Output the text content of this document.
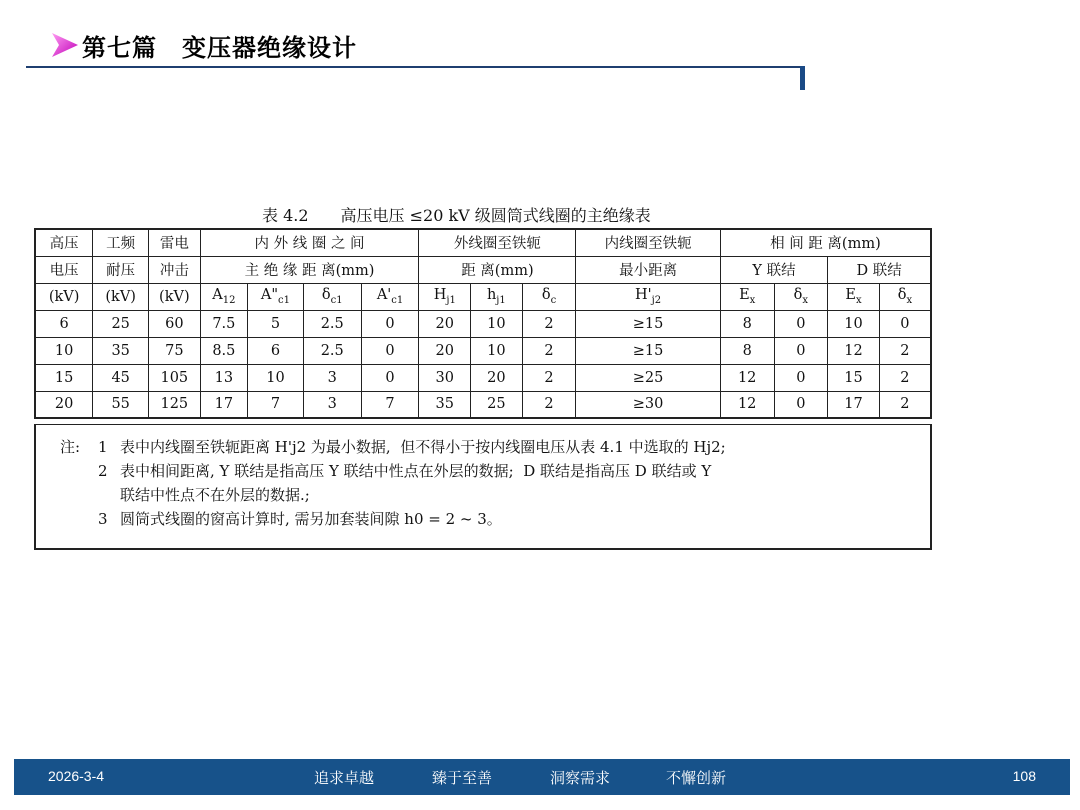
第七篇　变压器绝缘设计
表 4.2　　高压电压 ≤20 kV 级圆筒式线圈的主绝缘表
高压	工频	雷电	内 外 线 圈 之 间				外线圈至铁轭			内线圈至铁轭	相 间 距 离(mm)			
电压	耐压	冲击	主 绝 缘 距 离(mm)				距 离(mm)			最小距离	Y 联结		D 联结	
(kV)	(kV)	(kV)	$A_{12}$	$A"_{c1}$	$\delta_{c1}$	$A'_{c1}$	$H_{j1}$	$h_{j1}$	$\delta_c$	$H'_{j2}$	$E_x$	$\delta_x$	$E_x$	$\delta_x$
6	25	60	7.5	5	2.5	0	20	10	2	≥15	8	0	10	0
10	35	75	8.5	6	2.5	0	20	10	2	≥15	8	0	12	2
15	45	105	13	10	3	0	30	20	2	≥25	12	0	15	2
20	55	125	17	7	3	7	35	25	2	≥30	12	0	17	2
注:	1 表中内线圈至铁轭距离 H'j2 为最小数据,  但不得小于按内线圈电压从表 4.1 中选取的 Hj2;
2 表中相间距离, Y 联结是指高压 Y 联结中性点在外层的数据;  D 联结是指高压 D 联结或 Y
联结中性点不在外层的数据.;
3 圆筒式线圈的窗高计算时, 需另加套装间隙 h0 = 2 ~ 3。
2026-3-4	追求卓越	臻于至善	洞察需求	不懈创新	108
